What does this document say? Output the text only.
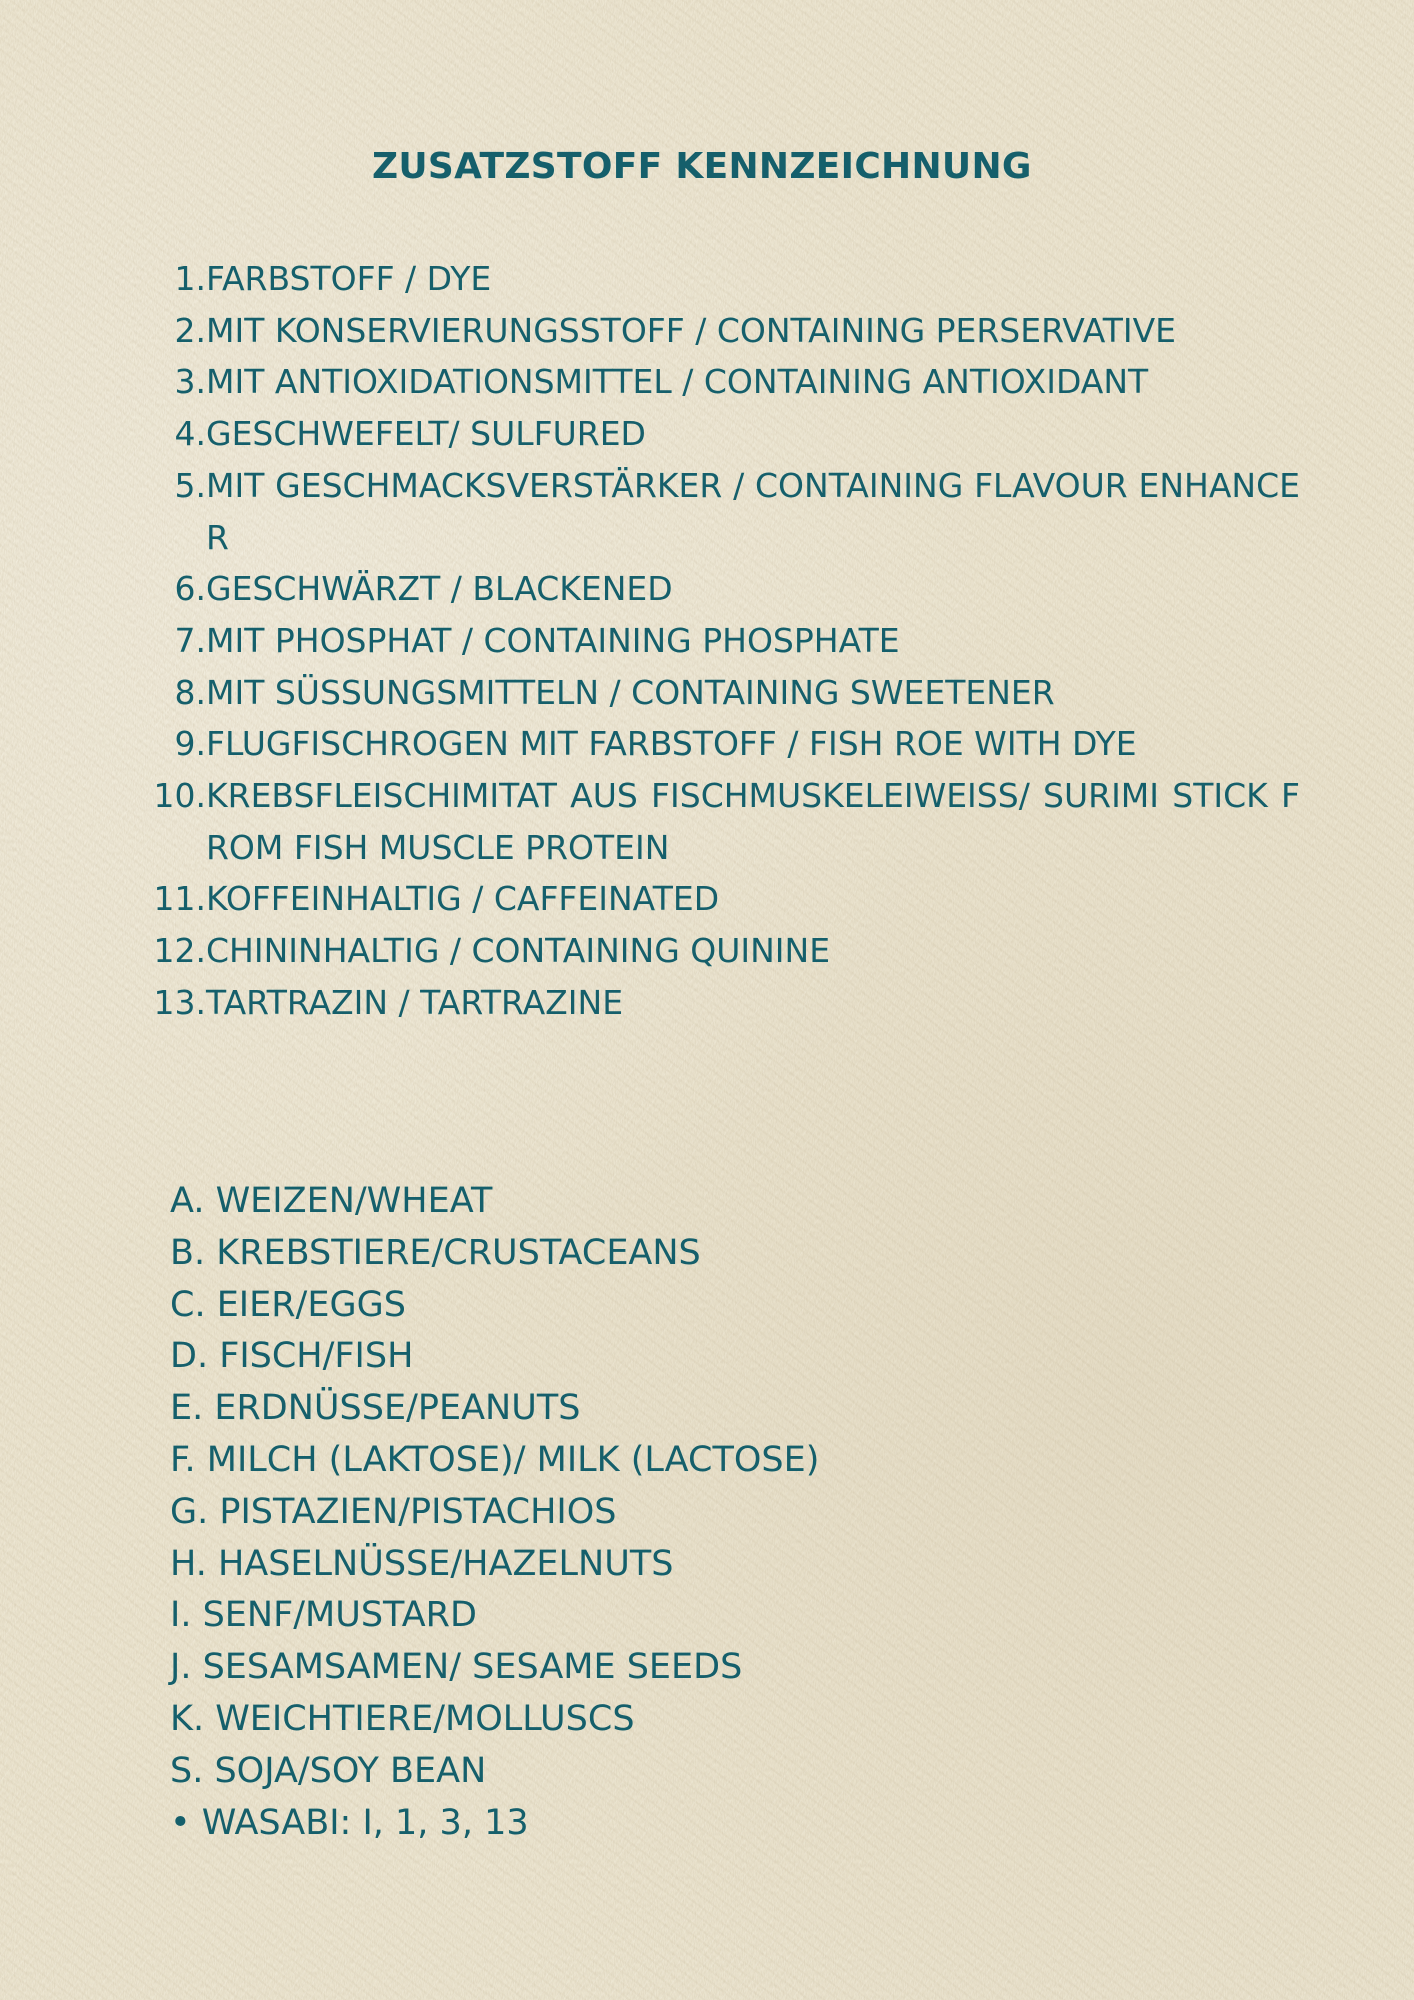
ZUSATZSTOFF KENNZEICHNUNG
1. FARBSTOFF / DYE
2. MIT KONSERVIERUNGSSTOFF / CONTAINING PERSERVATIVE
3. MIT ANTIOXIDATIONSMITTEL / CONTAINING ANTIOXIDANT
4. GESCHWEFELT/ SULFURED
5. MIT GESCHMACKSVERSTÄRKER / CONTAINING FLAVOUR ENHANCER
6. GESCHWÄRZT / BLACKENED
7. MIT PHOSPHAT / CONTAINING PHOSPHATE
8. MIT SÜSSUNGSMITTELN / CONTAINING SWEETENER
9. FLUGFISCHROGEN MIT FARBSTOFF / FISH ROE WITH DYE
10. KREBSFLEISCHIMITAT AUS FISCHMUSKELEIWEISS/ SURIMI STICK FROM FISH MUSCLE PROTEIN
11. KOFFEINHALTIG / CAFFEINATED
12. CHININHALTIG / CONTAINING QUININE
13. TARTRAZIN / TARTRAZINE
A. WEIZEN/WHEAT
B. KREBSTIERE/CRUSTACEANS
C. EIER/EGGS
D. FISCH/FISH
E. ERDNÜSSE/PEANUTS
F. MILCH (LAKTOSE)/ MILK (LACTOSE)
G. PISTAZIEN/PISTACHIOS
H. HASELNÜSSE/HAZELNUTS
I. SENF/MUSTARD
J. SESAMSAMEN/ SESAME SEEDS
K. WEICHTIERE/MOLLUSCS
S. SOJA/SOY BEAN
• WASABI: I, 1, 3, 13
